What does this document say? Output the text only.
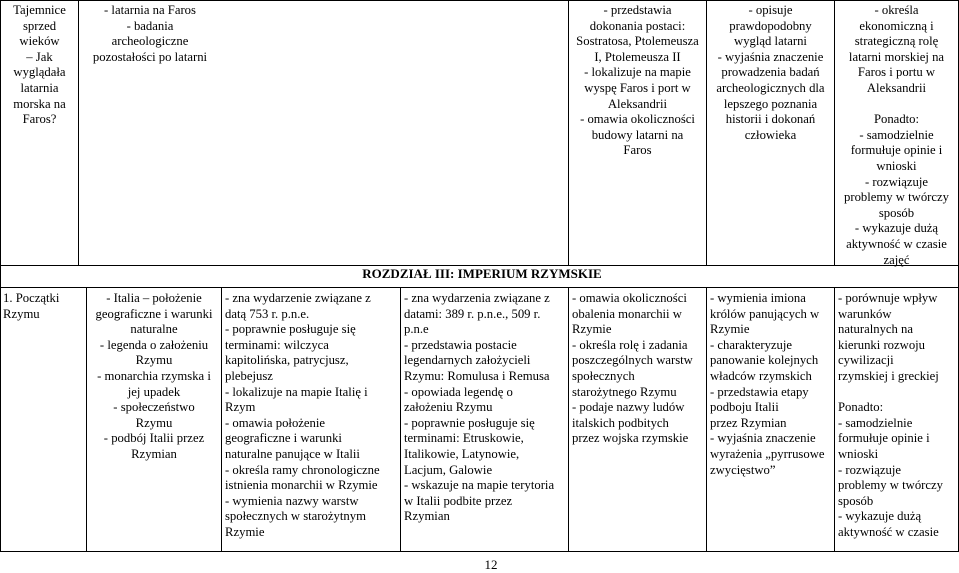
Tajemnice
sprzed
wieków
– Jak
wyglądała
latarnia
morska na
Faros?
- latarnia na Faros
- badania
archeologiczne
pozostałości po latarni
- przedstawia
dokonania postaci:
Sostratosa, Ptolemeusza
I, Ptolemeusza II
- lokalizuje na mapie
wyspę Faros i port w
Aleksandrii
- omawia okoliczności
budowy latarni na
Faros
- opisuje
prawdopodobny
wygląd latarni
- wyjaśnia znaczenie
prowadzenia badań
archeologicznych dla
lepszego poznania
historii i dokonań
człowieka
- określa
ekonomiczną i
strategiczną rolę
latarni morskiej na
Faros i portu w
Aleksandrii

Ponadto:
- samodzielnie
formułuje opinie i
wnioski
- rozwiązuje
problemy w twórczy
sposób
- wykazuje dużą
aktywność w czasie
zajęć
ROZDZIAŁ III: IMPERIUM RZYMSKIE
1. Początki
Rzymu
- Italia – położenie
geograficzne i warunki
naturalne
- legenda o założeniu
Rzymu
- monarchia rzymska i
jej upadek
- społeczeństwo
Rzymu
- podbój Italii przez
Rzymian
- zna wydarzenie związane z
datą 753 r. p.n.e.
- poprawnie posługuje się
terminami: wilczyca
kapitolińska, patrycjusz,
plebejusz
- lokalizuje na mapie Italię i
Rzym
- omawia położenie
geograficzne i warunki
naturalne panujące w Italii
- określa ramy chronologiczne
istnienia monarchii w Rzymie
- wymienia nazwy warstw
społecznych w starożytnym
Rzymie
- zna wydarzenia związane z
datami: 389 r. p.n.e., 509 r.
p.n.e
- przedstawia postacie
legendarnych założycieli
Rzymu: Romulusa i Remusa
- opowiada legendę o
założeniu Rzymu
- poprawnie posługuje się
terminami: Etruskowie,
Italikowie, Latynowie,
Lacjum, Galowie
- wskazuje na mapie terytoria
w Italii podbite przez
Rzymian
- omawia okoliczności
obalenia monarchii w
Rzymie
- określa rolę i zadania
poszczególnych warstw
społecznych
starożytnego Rzymu
- podaje nazwy ludów
italskich podbitych
przez wojska rzymskie
- wymienia imiona
królów panujących w
Rzymie
- charakteryzuje
panowanie kolejnych
władców rzymskich
- przedstawia etapy
podboju Italii
przez Rzymian
- wyjaśnia znaczenie
wyrażenia „pyrrusowe
zwycięstwo”
- porównuje wpływ
warunków
naturalnych na
kierunki rozwoju
cywilizacji
rzymskiej i greckiej

Ponadto:
- samodzielnie
formułuje opinie i
wnioski
- rozwiązuje
problemy w twórczy
sposób
- wykazuje dużą
aktywność w czasie
12
